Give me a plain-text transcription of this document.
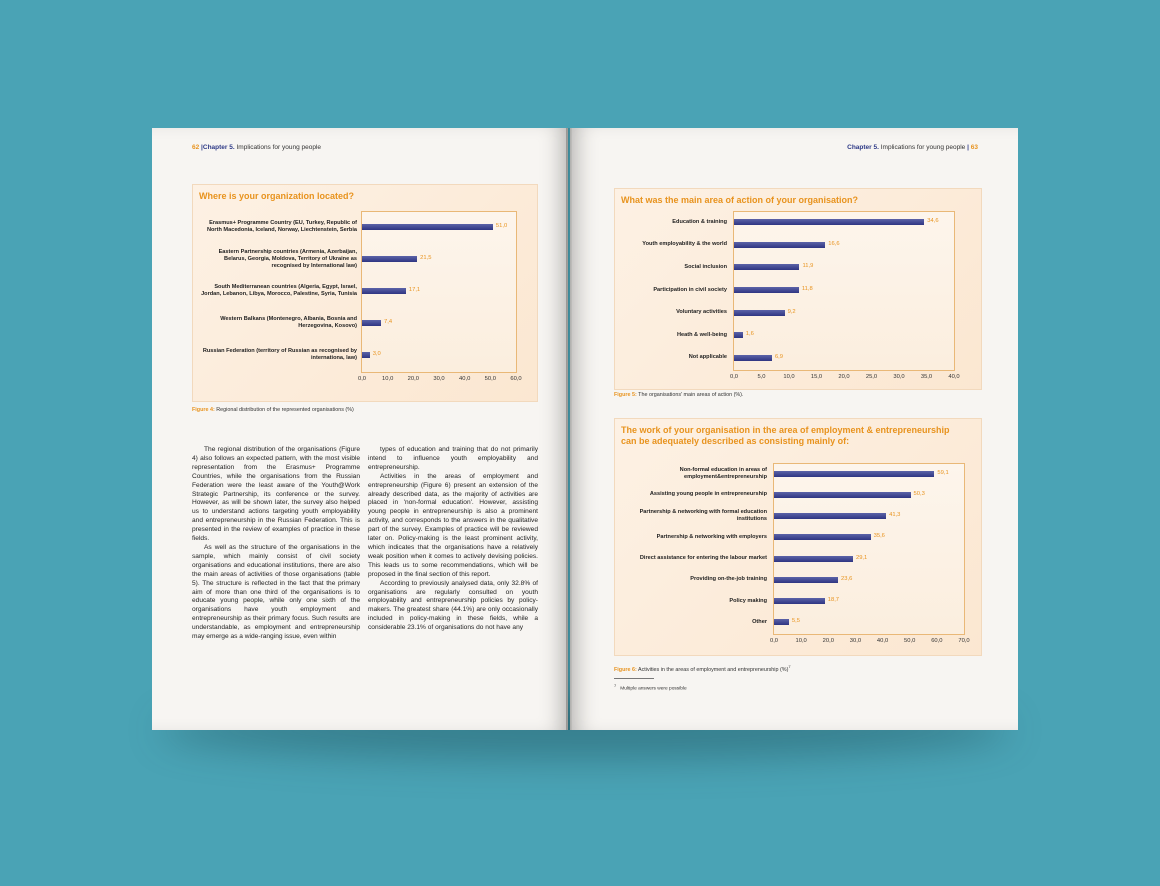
62 |Chapter 5. Implications for young people
Where is your organization located?
Erasmus+ Programme Country (EU, Turkey, Republic of North Macedonia, Iceland, Norway, Liechtenstein, Serbia
51,0
Eastern Partnership countries (Armenia, Azerbaijan, Belarus, Georgia, Moldova, Territory of Ukraine as recognised by International law)
21,5
South Mediterranean countries (Algeria, Egypt, Israel, Jordan, Lebanon, Libya, Morocco, Palestine, Syria, Tunisia
17,1
Western Balkans (Montenegro, Albania, Bosnia and Herzegovina, Kosovo)
7,4
Russian Federation (territory of Russian as recognised by internationa, law)
3,0
0,0	10,0 20,0 30,0 40,0 50,0 60,0
Figure 4: Regional distribution of the represented organisations (%)

The regional distribution of the organisations (Figure 4) also follows an expected pattern, with the most visible representation from the Erasmus+ Programme Countries, while the organisations from the Russian Federation were the least aware of the Youth@Work Strategic Partnership, its conference or the survey. However, as will be shown later, the survey also helped us to understand actions targeting youth employability and entrepreneurship in the Russian Federation. This is presented in the review of examples of practice in these fields.

As well as the structure of the organisations in the sample, which mainly consist of civil society organisations and educational institutions, there are also the main areas of activities of those organisations (table 5). The structure is reflected in the fact that the primary aim of more than one third of the organisations is to educate young people, while only one sixth of the organisations have youth employment and entrepreneurship as their primary focus. Such results are understandable, as employment and entrepreneurship may emerge as a wide-ranging issue, even within

types of education and training that do not primarily intend to influence youth employability and entrepreneurship.

Activities in the areas of employment and entrepreneurship (Figure 6) present an extension of the already described data, as the majority of activities are placed in 'non-formal education'. However, assisting young people in entrepreneurship is also a prominent activity, and corresponds to the answers in the qualitative part of the survey. Examples of practice will be reviewed later on. Policy-making is the least prominent activity, which indicates that the organisations have a relatively weak position when it comes to actively devising policies. This leads us to some recommendations, which will be proposed in the final section of this report.

According to previously analysed data, only 32.8% of organisations are regularly consulted on youth employability and entrepreneurship policies by policy-makers. The greatest share (44.1%) are only occasionally included in policy-making in these fields, while a considerable 23.1% of organisations do not have any

Chapter 5. Implications for young people | 63
What was the main area of action of your organisation?
Education & training	34,6
Youth employability & the world	16,6
Social inclusion	11,9
Participation in civil society	11,8
Voluntary activities	9,2
Heath & well-being	1,6
Not applicable	6,9
0,0	5,0	10,0	15,0	20,0	25,0	30,0	35,0	40,0
Figure 5: The organisations' main areas of action (%).
The work of your organisation in the area of employment & entrepreneurship
can be adequately described as consisting mainly of:
Non-formal education in areas of employment&entrepreneurship
59,1
Assisting young people in entrepreneurship	50,3
Partnership & networking with formal education institutions
41,3
Partnership & networking with employers	35,6
Direct assistance for entering the labour market	29,1
Providing on-the-job training	23,6
Policy making	18,7
Other	5,5
0,0	10,0	20,0	30,0	40,0	50,0	60,0	70,0
Figure 6: Activities in the areas of employment and entrepreneurship (%)$^7$
$^7$   Multiple answers were possible
